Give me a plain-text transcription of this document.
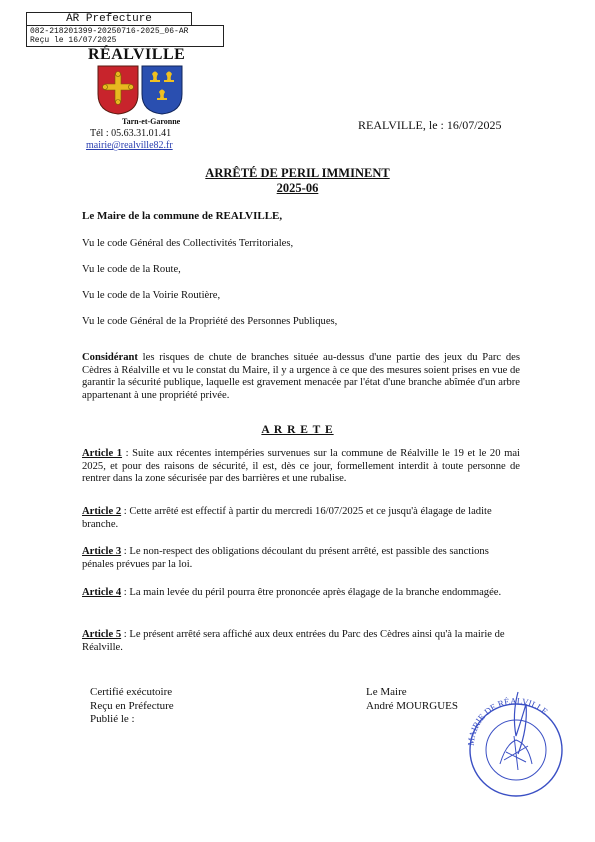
AR Prefecture
082-218201399-20250716-2025_06-AR
Reçu le 16/07/2025
RÉALVILLE
Tarn-et-Garonne
Tél : 05.63.31.01.41
mairie@realville82.fr
REALVILLE, le : 16/07/2025
ARRÊTÉ DE PERIL IMMINENT
2025-06
Le Maire de la commune de REALVILLE,
Vu le code Général des Collectivités Territoriales,
Vu le code de la Route,
Vu le code de la Voirie Routière,
Vu le code Général de la Propriété des Personnes Publiques,

Considérant les risques de chute de branches située au-dessus d'une partie des jeux du Parc des Cèdres à Réalville et vu le constat du Maire, il y a urgence à ce que des mesures soient prises en vue de garantir la sécurité publique, laquelle est gravement menacée par l'état d'une branche abîmée d'un arbre appartenant à une propriété privée.

A R R E T E

Article 1 : Suite aux récentes intempéries survenues sur la commune de Réalville le 19 et le 20 mai 2025, et pour des raisons de sécurité, il est, dès ce jour, formellement interdit à toute personne de rentrer dans la zone sécurisée par des barrières et une rubalise.

Article 2 : Cette arrêté est effectif à partir du mercredi 16/07/2025 et ce jusqu'à élagage de ladite branche.

Article 3 : Le non-respect des obligations découlant du présent arrêté, est passible des sanctions pénales prévues par la loi.

Article 4 : La main levée du péril pourra être prononcée après élagage de la branche endommagée.

Article 5 : Le présent arrêté sera affiché aux deux entrées du Parc des Cèdres ainsi qu'à la mairie de Réalville.

Certifié exécutoire
Reçu en Préfecture
Publié le :
Le Maire
André MOURGUES
MAIRIE DE RÉALVILLE
